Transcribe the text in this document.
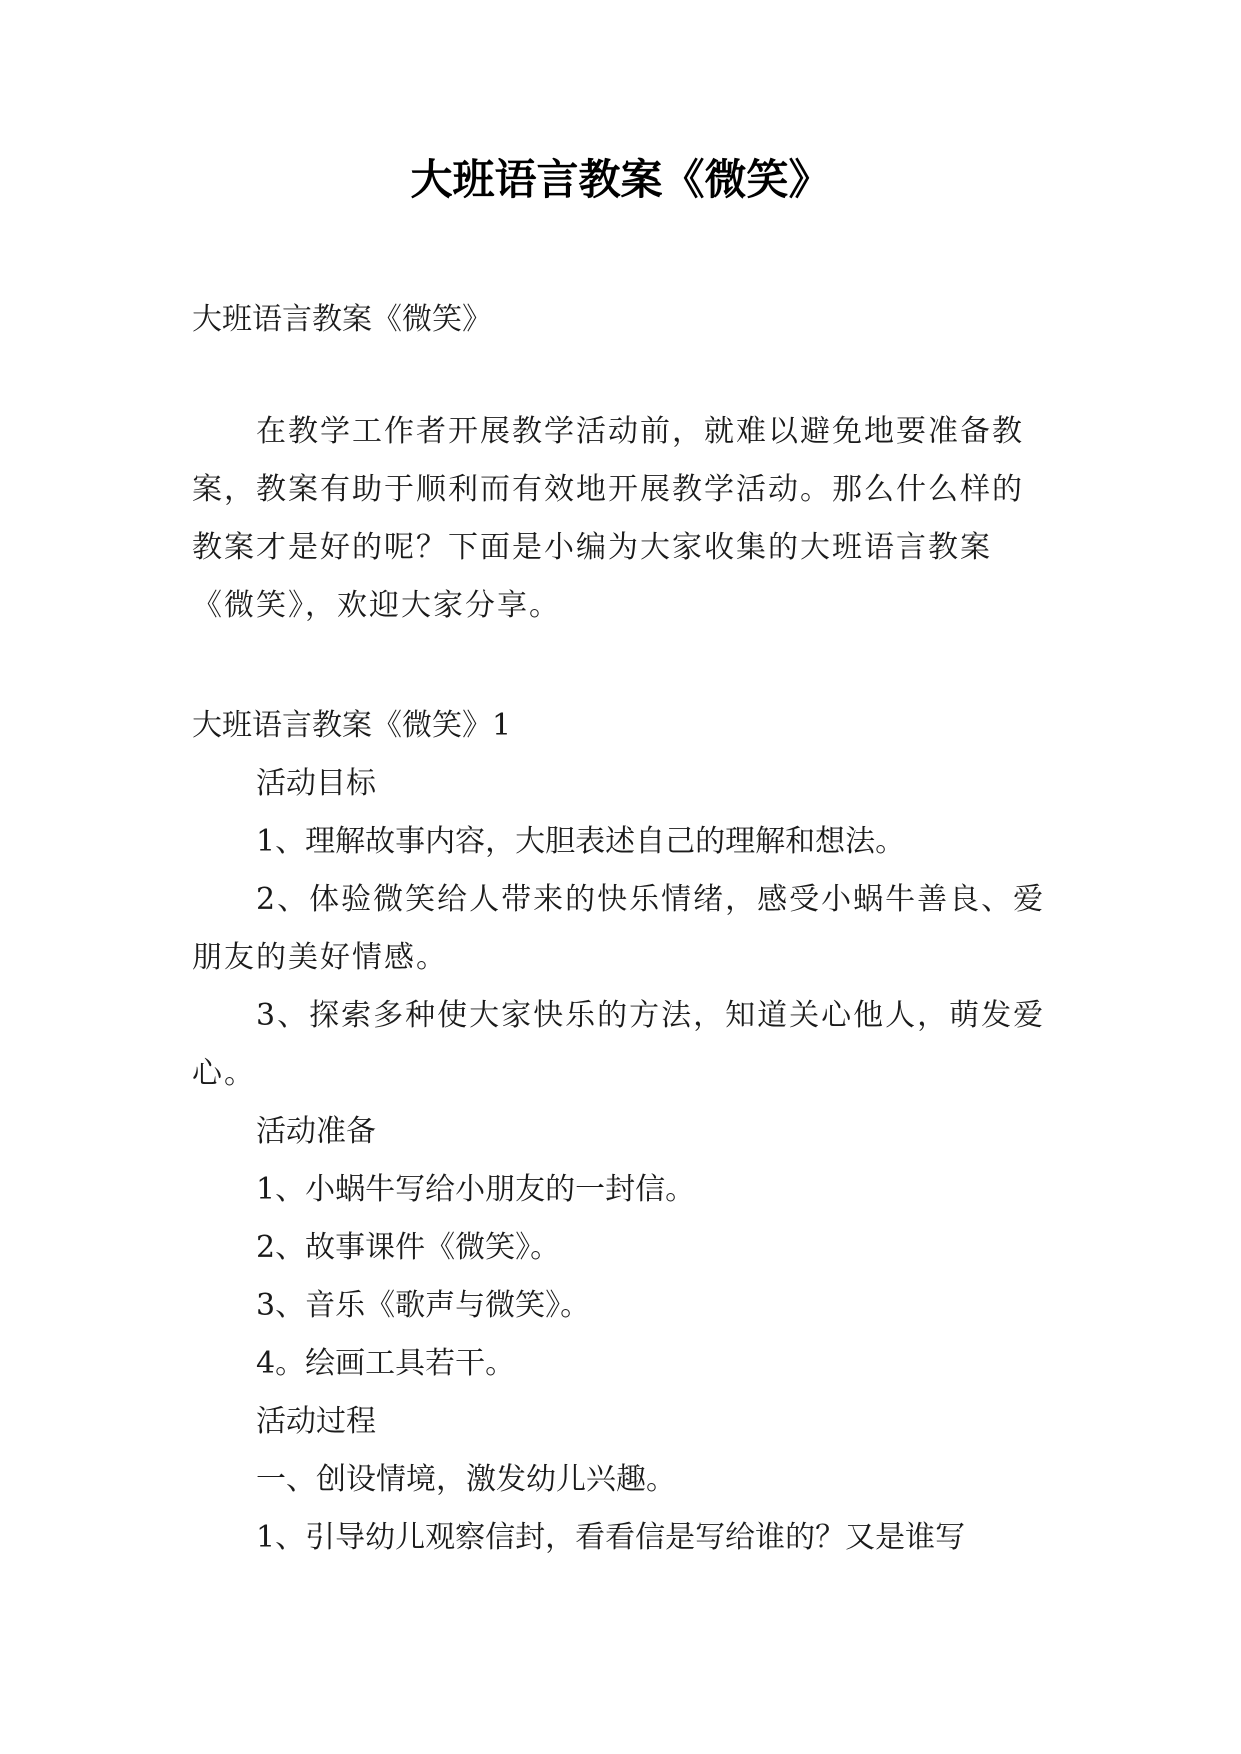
大班语言教案《微笑》
大班语言教案《微笑》
在教学工作者开展教学活动前，就难以避免地要准备教案，教案有助于顺利而有效地开展教学活动。那么什么样的教案才是好的呢？下面是小编为大家收集的大班语言教案《微笑》，欢迎大家分享。
大班语言教案《微笑》1
活动目标
1、理解故事内容，大胆表述自己的理解和想法。
2、体验微笑给人带来的快乐情绪，感受小蜗牛善良、爱朋友的美好情感。
3、探索多种使大家快乐的方法，知道关心他人，萌发爱心。
活动准备
1、小蜗牛写给小朋友的一封信。
2、故事课件《微笑》。
3、音乐《歌声与微笑》。
4。绘画工具若干。
活动过程
一、创设情境，激发幼儿兴趣。
1、引导幼儿观察信封，看看信是写给谁的？又是谁写
